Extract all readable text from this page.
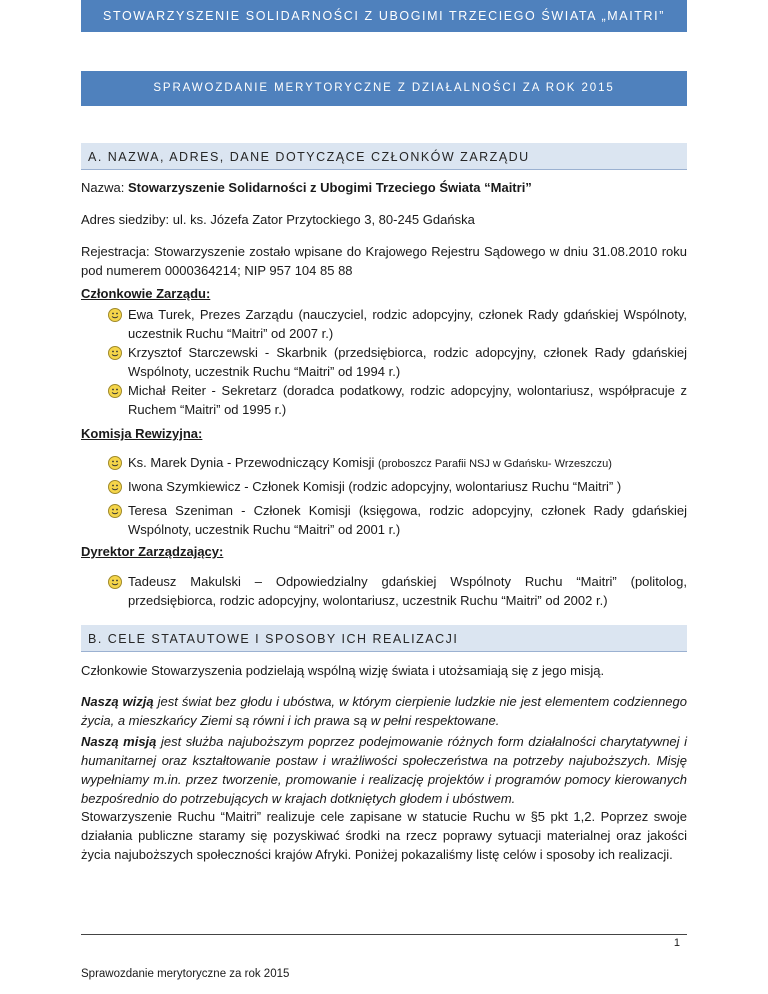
STOWARZYSZENIE SOLIDARNOŚCI Z UBOGIMI TRZECIEGO ŚWIATA „MAITRI”
SPRAWOZDANIE MERYTORYCZNE Z DZIAŁALNOŚCI ZA ROK 2015
A. NAZWA, ADRES, DANE DOTYCZĄCE CZŁONKÓW ZARZĄDU
Nazwa: Stowarzyszenie Solidarności z Ubogimi Trzeciego Świata “Maitri”
Adres siedziby: ul. ks. Józefa Zator Przytockiego 3, 80-245 Gdańska
Rejestracja: Stowarzyszenie zostało wpisane do Krajowego Rejestru Sądowego w dniu 31.08.2010 roku pod numerem 0000364214; NIP 957 104 85 88
Członkowie Zarządu:
Ewa Turek, Prezes Zarządu (nauczyciel, rodzic adopcyjny, członek Rady gdańskiej Wspólnoty, uczestnik Ruchu “Maitri” od 2007 r.)
Krzysztof Starczewski - Skarbnik (przedsiębiorca, rodzic adopcyjny, członek Rady gdańskiej Wspólnoty, uczestnik Ruchu “Maitri” od 1994 r.)
Michał Reiter - Sekretarz (doradca podatkowy, rodzic adopcyjny, wolontariusz, współpracuje z Ruchem “Maitri” od 1995 r.)
Komisja Rewizyjna:
Ks. Marek Dynia - Przewodniczący Komisji (proboszcz Parafii NSJ w Gdańsku- Wrzeszczu)
Iwona Szymkiewicz - Członek Komisji (rodzic adopcyjny, wolontariusz Ruchu “Maitri” )
Teresa Szeniman - Członek Komisji (księgowa, rodzic adopcyjny, członek Rady gdańskiej Wspólnoty, uczestnik Ruchu “Maitri” od 2001 r.)
Dyrektor Zarządzający:
Tadeusz Makulski – Odpowiedzialny gdańskiej Wspólnoty Ruchu “Maitri” (politolog, przedsiębiorca, rodzic adopcyjny, wolontariusz, uczestnik Ruchu “Maitri” od 2002 r.)
B. CELE STATAUTOWE I SPOSOBY ICH REALIZACJI
Członkowie Stowarzyszenia podzielają wspólną wizję świata i utożsamiają się z jego misją.
Naszą wizją jest świat bez głodu i ubóstwa, w którym cierpienie ludzkie nie jest elementem codziennego życia, a mieszkańcy Ziemi są równi i ich prawa są w pełni respektowane.
Naszą misją jest służba najuboższym poprzez podejmowanie różnych form działalności charytatywnej i humanitarnej oraz kształtowanie postaw i wrażliwości społeczeństwa na potrzeby najuboższych. Misję wypełniamy m.in. przez tworzenie, promowanie i realizację projektów i programów pomocy kierowanych bezpośrednio do potrzebujących w krajach dotkniętych głodem i ubóstwem.
Stowarzyszenie Ruchu “Maitri” realizuje cele zapisane w statucie Ruchu w §5 pkt 1,2. Poprzez swoje działania publiczne staramy się pozyskiwać środki na rzecz poprawy sytuacji materialnej oraz jakości życia najuboższych społeczności krajów Afryki. Poniżej pokazaliśmy listę celów i sposoby ich realizacji.
1
Sprawozdanie merytoryczne za rok 2015
